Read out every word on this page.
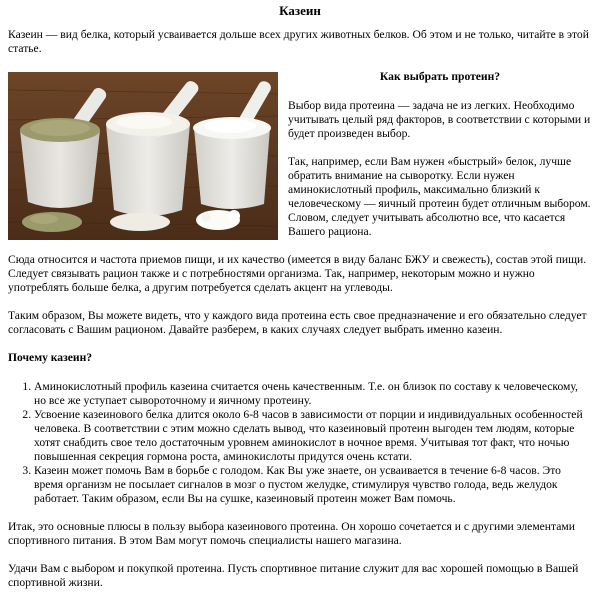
Казеин

Казеин — вид белка, который усваивается дольше всех других животных белков. Об этом и не только, читайте в этой статье.

Как выбрать протеин?

Выбор вида протеина — задача не из легких. Необходимо учитывать целый ряд факторов, в соответствии с которыми и будет произведен выбор.

Так, например, если Вам нужен «быстрый» белок, лучше обратить внимание на сыворотку. Если нужен аминокислотный профиль, максимально близкий к человеческому — яичный протеин будет отличным выбором. Словом, следует учитывать абсолютно все, что касается Вашего рациона.

Сюда относится и частота приемов пищи, и их качество (имеется в виду баланс БЖУ и свежесть), состав этой пищи. Следует связывать рацион также и с потребностями организма. Так, например, некоторым можно и нужно употреблять больше белка, а другим потребуется сделать акцент на углеводы.

Таким образом, Вы можете видеть, что у каждого вида протеина есть свое предназначение и его обязательно следует согласовать с Вашим рационом. Давайте разберем, в каких случаях следует выбрать именно казеин.

Почему казеин?

1. Аминокислотный профиль казеина считается очень качественным. Т.е. он близок по составу к человеческому, но все же уступает сывороточному и яичному протеину.
2. Усвоение казеинового белка длится около 6-8 часов в зависимости от порции и индивидуальных особенностей человека. В соответствии с этим можно сделать вывод, что казеиновый протеин выгоден тем людям, которые хотят снабдить свое тело достаточным уровнем аминокислот в ночное время. Учитывая тот факт, что ночью повышенная секреция гормона роста, аминокислоты придутся очень кстати.
3. Казеин может помочь Вам в борьбе с голодом. Как Вы уже знаете, он усваивается в течение 6-8 часов. Это время организм не посылает сигналов в мозг о пустом желудке, стимулируя чувство голода, ведь желудок работает. Таким образом, если Вы на сушке, казеиновый протеин может Вам помочь.

Итак, это основные плюсы в пользу выбора казеинового протеина. Он хорошо сочетается и с другими элементами спортивного питания. В этом Вам могут помочь специалисты нашего магазина.

Удачи Вам с выбором и покупкой протеина. Пусть спортивное питание служит для вас хорошей помощью в Вашей спортивной жизни.
